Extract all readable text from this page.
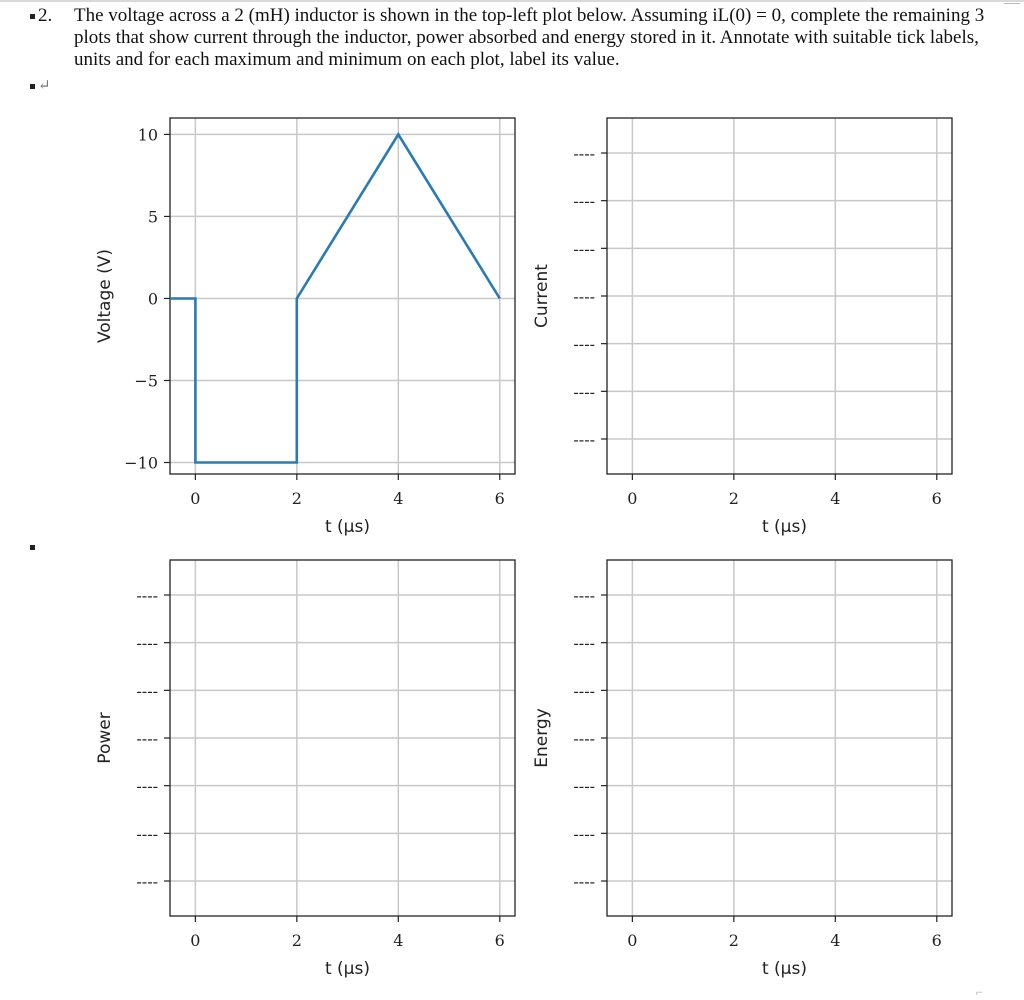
2. The voltage across a 2 (mH) inductor is shown in the top-left plot below. Assuming iL(0) = 0, complete the remaining 3 plots that show current through the inductor, power absorbed and energy stored in it. Annotate with suitable tick labels, units and for each maximum and minimum on each plot, label its value.
↵
⌐
0	2	4	6
10
5
0
−5
−10
t (µs)
Voltage (V)
0	2	4	6
----
----
----
----
----
----
----
t (µs)
Current
0	2	4	6
----
----
----
----
----
----
----
t (µs)
Power
0	2	4	6
----
----
----
----
----
----
----
t (µs)
Energy
